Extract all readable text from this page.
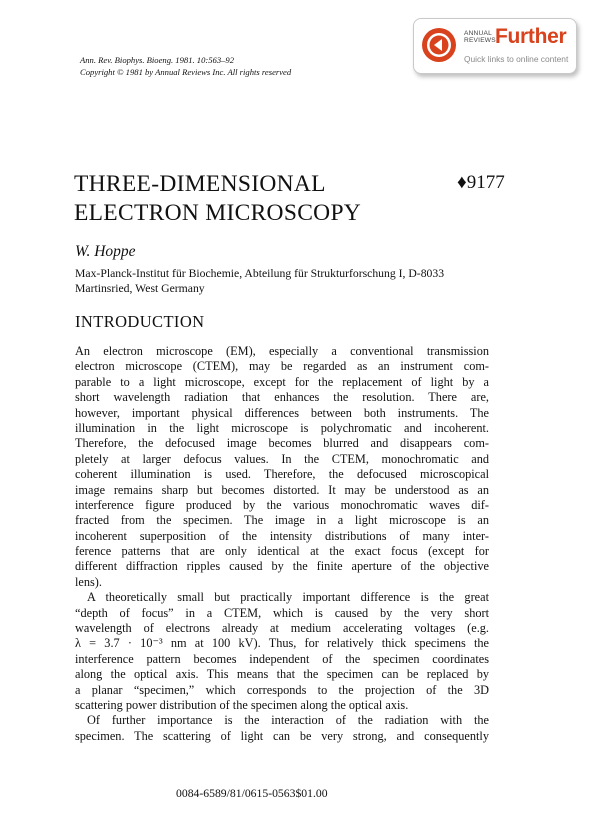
Ann. Rev. Biophys. Bioeng. 1981. 10:563–92
Copyright © 1981 by Annual Reviews Inc. All rights reserved
ANNUAL
REVIEWS Further
Quick links to online content
THREE-DIMENSIONAL
ELECTRON MICROSCOPY
♦9177
W. Hoppe
Max-Planck-Institut für Biochemie, Abteilung für Strukturforschung I, D-8033
Martinsried, West Germany
INTRODUCTION
An electron microscope (EM), especially a conventional transmission
electron microscope (CTEM), may be regarded as an instrument com-
parable to a light microscope, except for the replacement of light by a
short wavelength radiation that enhances the resolution. There are,
however, important physical differences between both instruments. The
illumination in the light microscope is polychromatic and incoherent.
Therefore, the defocused image becomes blurred and disappears com-
pletely at larger defocus values. In the CTEM, monochromatic and
coherent illumination is used. Therefore, the defocused microscopical
image remains sharp but becomes distorted. It may be understood as an
interference figure produced by the various monochromatic waves dif-
fracted from the specimen. The image in a light microscope is an
incoherent superposition of the intensity distributions of many inter-
ference patterns that are only identical at the exact focus (except for
different diffraction ripples caused by the finite aperture of the objective
lens).
A theoretically small but practically important difference is the great
“depth of focus” in a CTEM, which is caused by the very short
wavelength of electrons already at medium accelerating voltages (e.g.
λ = 3.7 · 10⁻³ nm at 100 kV). Thus, for relatively thick specimens the
interference pattern becomes independent of the specimen coordinates
along the optical axis. This means that the specimen can be replaced by
a planar “specimen,” which corresponds to the projection of the 3D
scattering power distribution of the specimen along the optical axis.
Of further importance is the interaction of the radiation with the
specimen. The scattering of light can be very strong, and consequently
0084-6589/81/0615-0563$01.00
